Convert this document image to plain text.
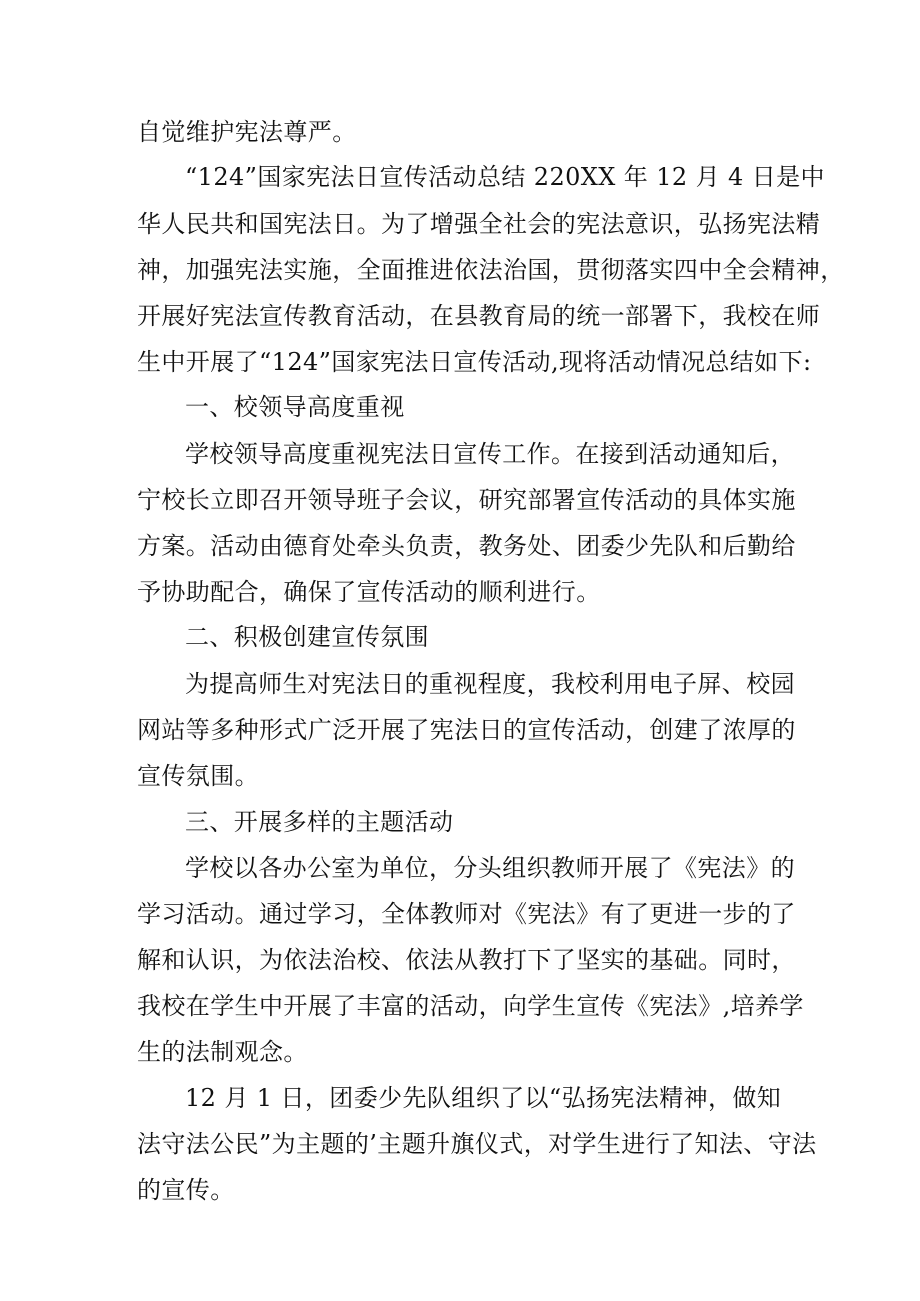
自觉维护宪法尊严。
“124”国家宪法日宣传活动总结 220XX 年 12 月 4 日是中
华人民共和国宪法日。为了增强全社会的宪法意识，弘扬宪法精
神，加强宪法实施，全面推进依法治国，贯彻落实四中全会精神，
开展好宪法宣传教育活动，在县教育局的统一部署下，我校在师
生中开展了“124”国家宪法日宣传活动,现将活动情况总结如下:
一、校领导高度重视
学校领导高度重视宪法日宣传工作。在接到活动通知后，
宁校长立即召开领导班子会议，研究部署宣传活动的具体实施
方案。活动由德育处牵头负责，教务处、团委少先队和后勤给
予协助配合，确保了宣传活动的顺利进行。
二、积极创建宣传氛围
为提高师生对宪法日的重视程度，我校利用电子屏、校园
网站等多种形式广泛开展了宪法日的宣传活动，创建了浓厚的
宣传氛围。
三、开展多样的主题活动
学校以各办公室为单位，分头组织教师开展了《宪法》的
学习活动。通过学习，全体教师对《宪法》有了更进一步的了
解和认识，为依法治校、依法从教打下了坚实的基础。同时，
我校在学生中开展了丰富的活动，向学生宣传《宪法》,培养学
生的法制观念。
12 月 1 日，团委少先队组织了以“弘扬宪法精神，做知
法守法公民”为主题的’主题升旗仪式，对学生进行了知法、守法
的宣传。
